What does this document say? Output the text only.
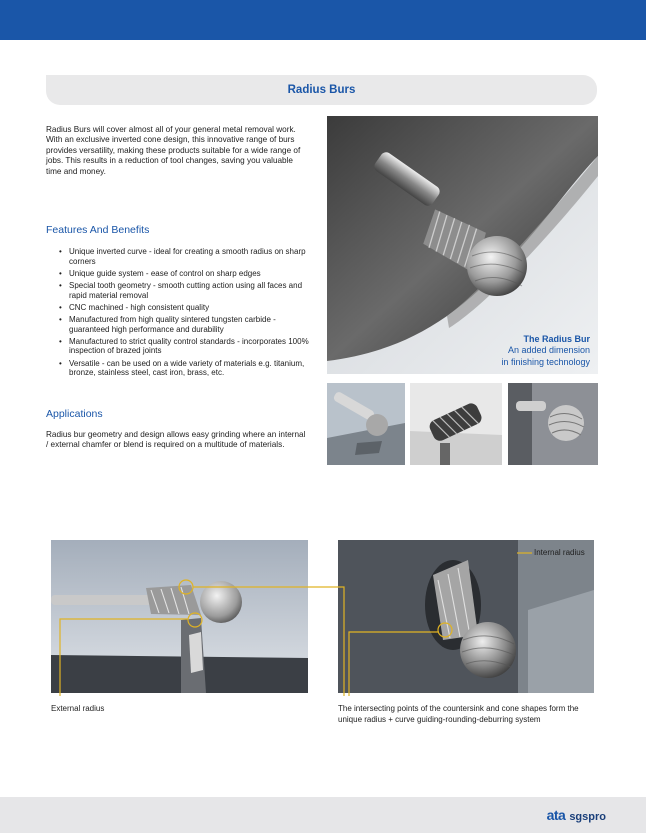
Radius Burs

Radius Burs will cover almost all of your general metal removal work. With an exclusive inverted cone design, this innovative range of burs provides versatility, making these products suitable for a wide range of jobs. This results in a reduction of tool changes, saving you valuable time and money.

Features And Benefits
• Unique inverted curve - ideal for creating a smooth radius on sharp corners
• Unique guide system - ease of control on sharp edges
• Special tooth geometry - smooth cutting action using all faces and rapid material removal
• CNC machined - high consistent quality
• Manufactured from high quality sintered tungsten carbide - guaranteed high performance and durability
• Manufactured to strict quality control standards - incorporates 100% inspection of brazed joints
• Versatile - can be used on a wide variety of materials e.g. titanium, bronze, stainless steel, cast iron, brass, etc.
Applications

Radius bur geometry and design allows easy grinding where an internal / external chamfer or blend is required on a multitude of materials.

The Radius Bur
An added dimension
in finishing technology

External radius

Internal radius

The intersecting points of the countersink and cone shapes form the unique radius + curve guiding-rounding-deburring system

ata sgspro
